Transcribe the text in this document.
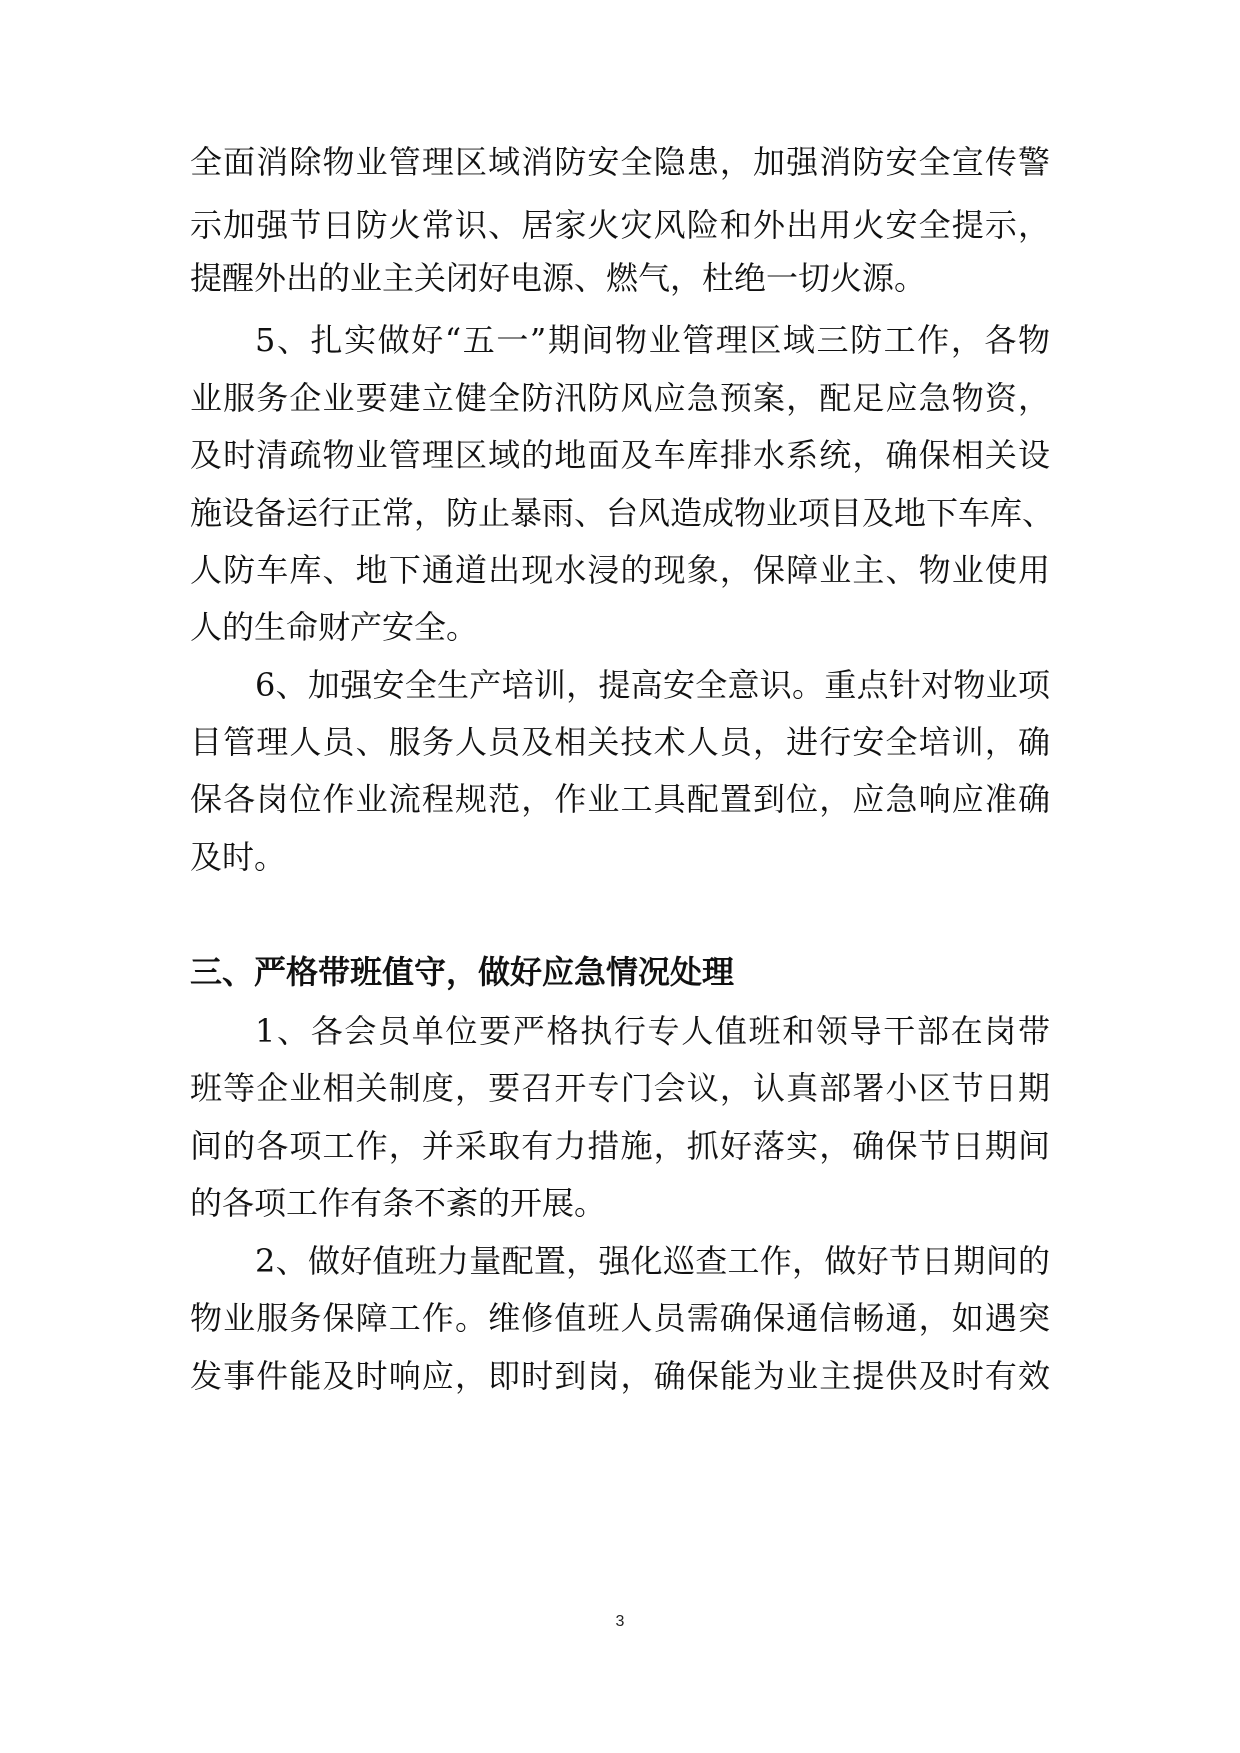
全面消除物业管理区域消防安全隐患，加强消防安全宣传警
示加强节日防火常识、居家火灾风险和外出用火安全提示，
提醒外出的业主关闭好电源、燃气，杜绝一切火源。
5、扎实做好“五一”期间物业管理区域三防工作，各物
业服务企业要建立健全防汛防风应急预案，配足应急物资，
及时清疏物业管理区域的地面及车库排水系统，确保相关设
施设备运行正常，防止暴雨、台风造成物业项目及地下车库、
人防车库、地下通道出现水浸的现象，保障业主、物业使用
人的生命财产安全。
6、加强安全生产培训，提高安全意识。重点针对物业项
目管理人员、服务人员及相关技术人员，进行安全培训，确
保各岗位作业流程规范，作业工具配置到位，应急响应准确
及时。
三、严格带班值守，做好应急情况处理
1、各会员单位要严格执行专人值班和领导干部在岗带
班等企业相关制度，要召开专门会议，认真部署小区节日期
间的各项工作，并采取有力措施，抓好落实，确保节日期间
的各项工作有条不紊的开展。
2、做好值班力量配置，强化巡查工作，做好节日期间的
物业服务保障工作。维修值班人员需确保通信畅通，如遇突
发事件能及时响应，即时到岗，确保能为业主提供及时有效
3
